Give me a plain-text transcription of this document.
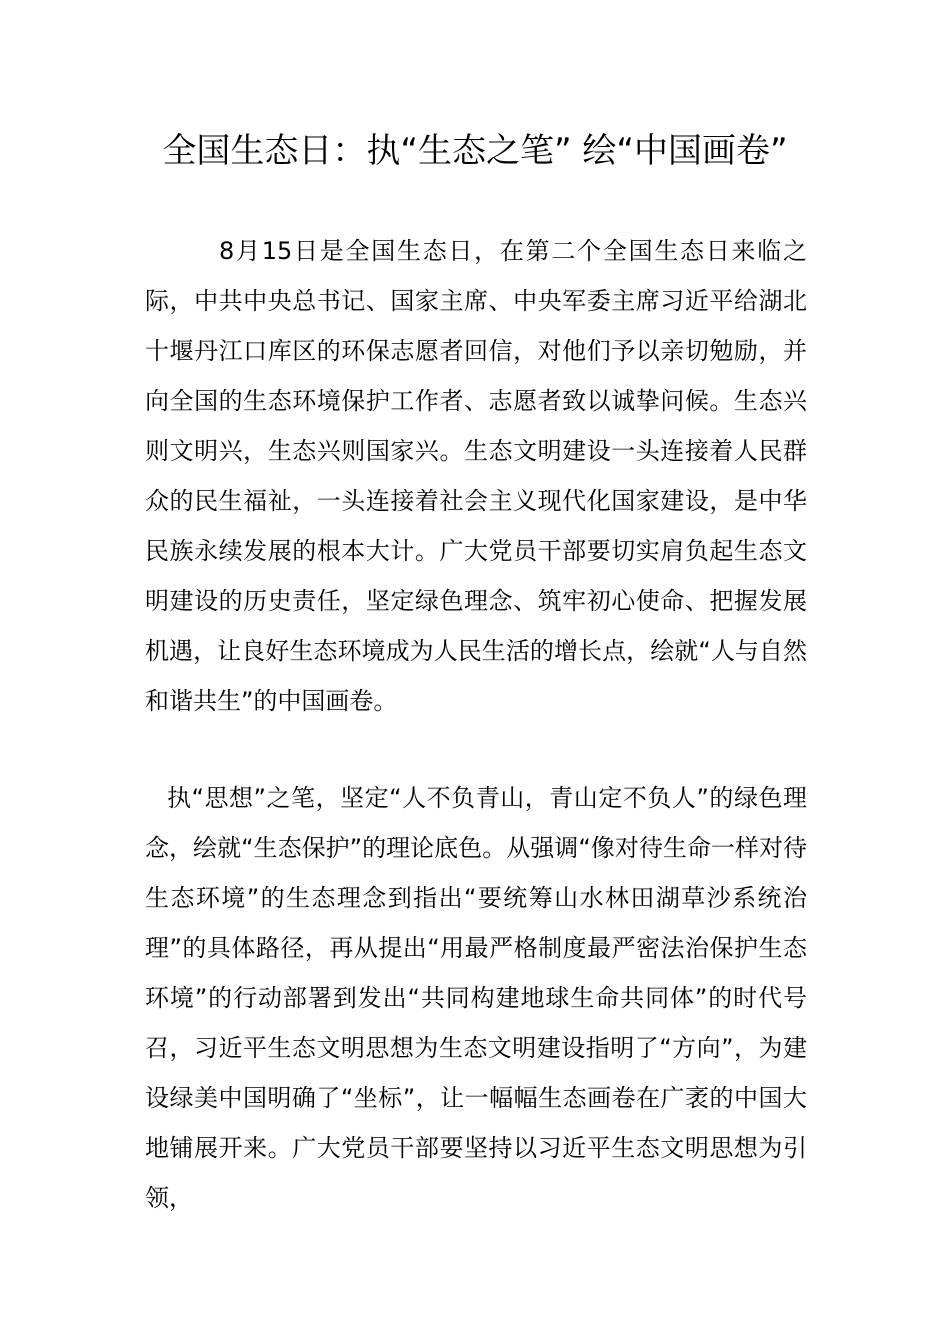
全国生态日：执“生态之笔” 绘“中国画卷”

8月15日是全国生态日，在第二个全国生态日来临之际，中共中央总书记、国家主席、中央军委主席习近平给湖北十堰丹江口库区的环保志愿者回信，对他们予以亲切勉励，并向全国的生态环境保护工作者、志愿者致以诚挚问候。生态兴则文明兴，生态兴则国家兴。生态文明建设一头连接着人民群众的民生福祉，一头连接着社会主义现代化国家建设，是中华民族永续发展的根本大计。广大党员干部要切实肩负起生态文明建设的历史责任，坚定绿色理念、筑牢初心使命、把握发展机遇，让良好生态环境成为人民生活的增长点，绘就“人与自然和谐共生”的中国画卷。

执“思想”之笔，坚定“人不负青山，青山定不负人”的绿色理念，绘就“生态保护”的理论底色。从强调“像对待生命一样对待生态环境”的生态理念到指出“要统筹山水林田湖草沙系统治理”的具体路径，再从提出“用最严格制度最严密法治保护生态环境”的行动部署到发出“共同构建地球生命共同体”的时代号召，习近平生态文明思想为生态文明建设指明了“方向”，为建设绿美中国明确了“坐标”，让一幅幅生态画卷在广袤的中国大地铺展开来。广大党员干部要坚持以习近平生态文明思想为引领，
